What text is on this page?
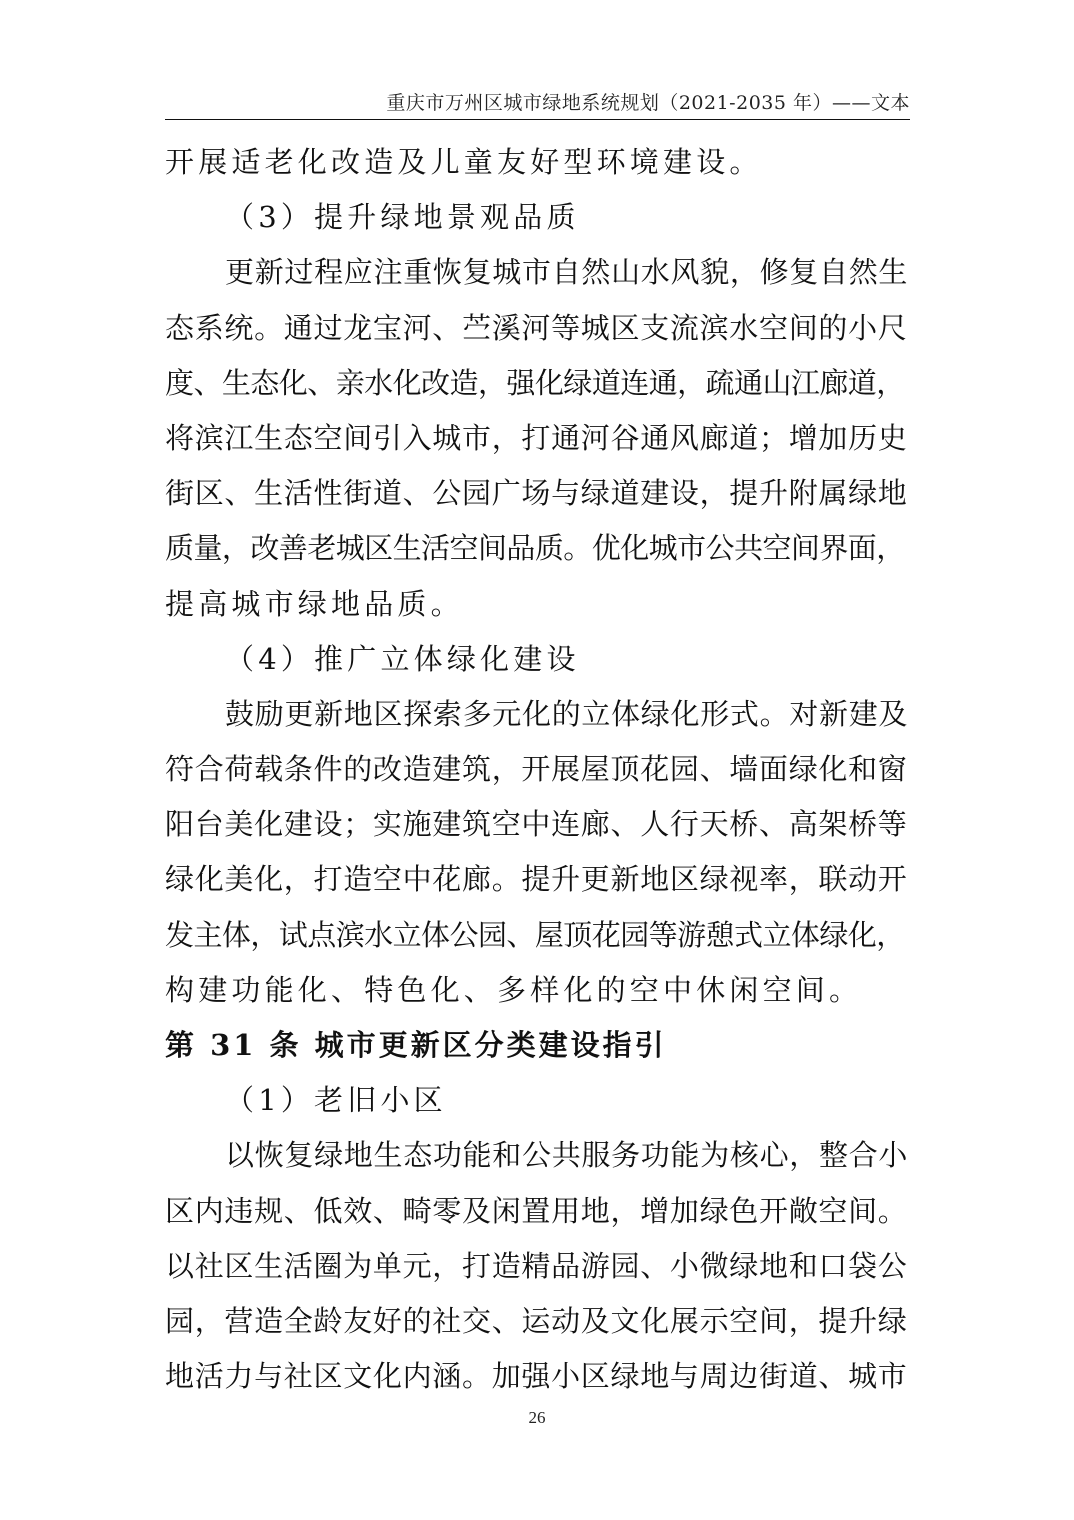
重庆市万州区城市绿地系统规划（2021-2035 年）——文本
开展适老化改造及儿童友好型环境建设。
（3）提升绿地景观品质
更新过程应注重恢复城市自然山水风貌，修复自然生
态系统。通过龙宝河、苎溪河等城区支流滨水空间的小尺
度、生态化、亲水化改造，强化绿道连通，疏通山江廊道，
将滨江生态空间引入城市，打通河谷通风廊道；增加历史
街区、生活性街道、公园广场与绿道建设，提升附属绿地
质量，改善老城区生活空间品质。优化城市公共空间界面，
提高城市绿地品质。
（4）推广立体绿化建设
鼓励更新地区探索多元化的立体绿化形式。对新建及
符合荷载条件的改造建筑，开展屋顶花园、墙面绿化和窗
阳台美化建设；实施建筑空中连廊、人行天桥、高架桥等
绿化美化，打造空中花廊。提升更新地区绿视率，联动开
发主体，试点滨水立体公园、屋顶花园等游憩式立体绿化，
构建功能化、特色化、多样化的空中休闲空间。
第 31 条 城市更新区分类建设指引
（1）老旧小区
以恢复绿地生态功能和公共服务功能为核心，整合小
区内违规、低效、畸零及闲置用地，增加绿色开敞空间。
以社区生活圈为单元，打造精品游园、小微绿地和口袋公
园，营造全龄友好的社交、运动及文化展示空间，提升绿
地活力与社区文化内涵。加强小区绿地与周边街道、城市
26
